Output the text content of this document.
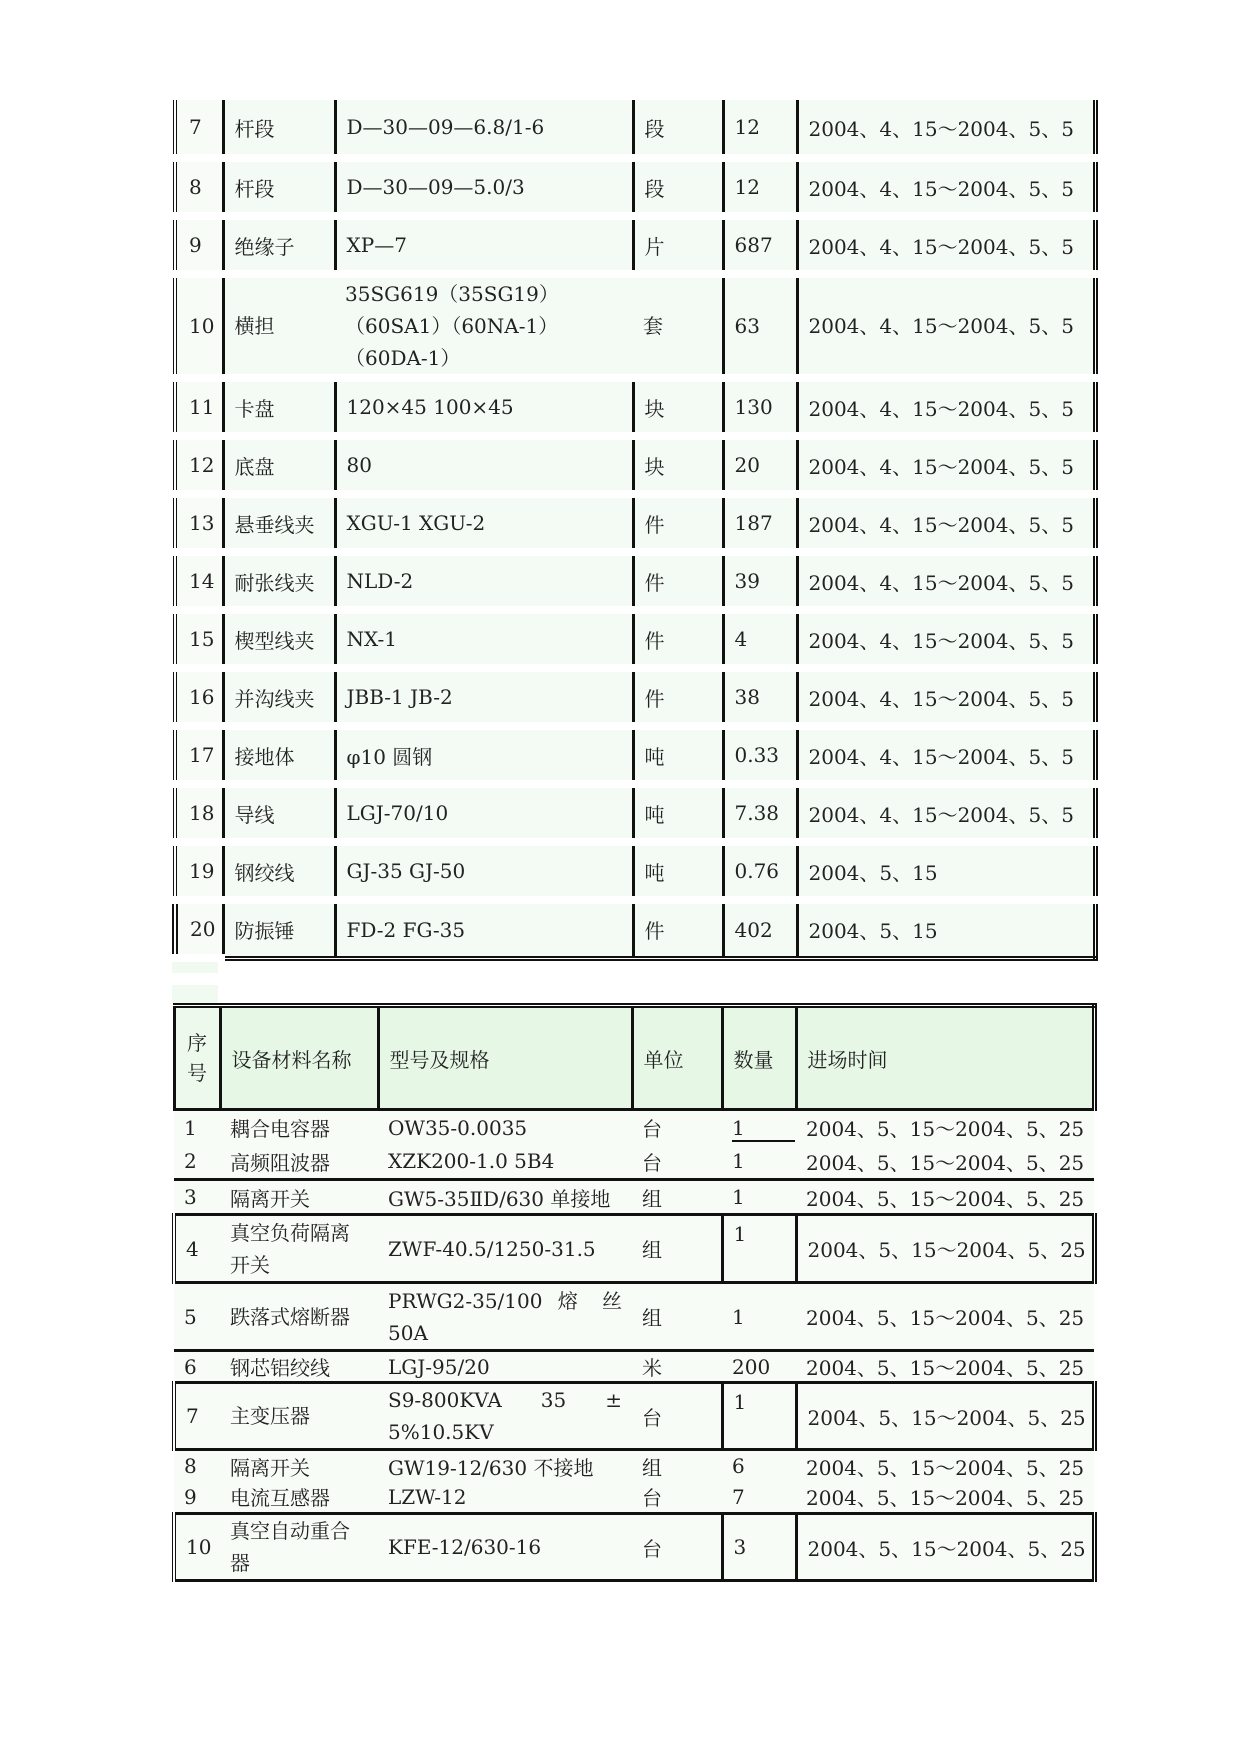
7	杆段	D—30—09—6.8/1-6	段	12	2004、4、15～2004、5、5
8	杆段	D—30—09—5.0/3	段	12	2004、4、15～2004、5、5
9	绝缘子	XP—7	片	687	2004、4、15～2004、5、5
10	横担	35SG619（35SG19）（60SA1）（60NA-1）（60DA-1）	套	63	2004、4、15～2004、5、5
11	卡盘	120×45 100×45	块	130	2004、4、15～2004、5、5
12	底盘	80	块	20	2004、4、15～2004、5、5
13	悬垂线夹	XGU-1 XGU-2	件	187	2004、4、15～2004、5、5
14	耐张线夹	NLD-2	件	39	2004、4、15～2004、5、5
15	楔型线夹	NX-1	件	4	2004、4、15～2004、5、5
16	并沟线夹	JBB-1 JB-2	件	38	2004、4、15～2004、5、5
17	接地体	φ10 圆钢	吨	0.33	2004、4、15～2004、5、5
18	导线	LGJ-70/10	吨	7.38	2004、4、15～2004、5、5
19	钢绞线	GJ-35 GJ-50	吨	0.76	2004、5、15
20	防振锤	FD-2 FG-35	件	402	2004、5、15
序号	设备材料名称	型号及规格	单位	数量	进场时间
1	耦合电容器	OW35-0.0035	台	1	2004、5、15～2004、5、25
2	高频阻波器	XZK200-1.0 5B4	台	1	2004、5、15～2004、5、25
3	隔离开关	GW5-35ⅡD/630 单接地	组	1	2004、5、15～2004、5、25
4	真空负荷隔离开关	ZWF-40.5/1250-31.5	组	1	2004、5、15～2004、5、25
5	跌落式熔断器	PRWG2-35/100 熔 丝 50A	组	1	2004、5、15～2004、5、25
6	钢芯铝绞线	LGJ-95/20	米	200	2004、5、15～2004、5、25
7	主变压器	S9-800KVA 35 ± 5%10.5KV	台	1	2004、5、15～2004、5、25
8	隔离开关	GW19-12/630 不接地	组	6	2004、5、15～2004、5、25
9	电流互感器	LZW-12	台	7	2004、5、15～2004、5、25
10	真空自动重合器	KFE-12/630-16	台	3	2004、5、15～2004、5、25
